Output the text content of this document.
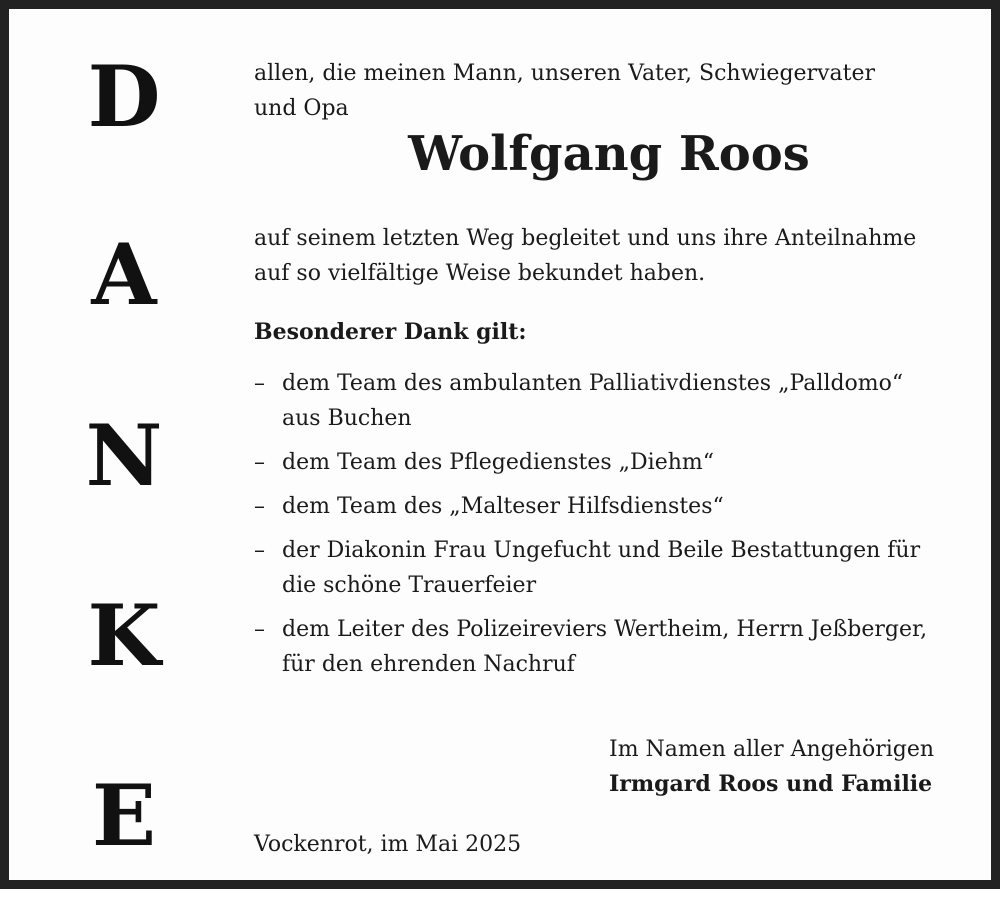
D
A
N
K
E
allen, die meinen Mann, unseren Vater, Schwiegervater
und Opa
Wolfgang Roos
auf seinem letzten Weg begleitet und uns ihre Anteilnahme
auf so vielfältige Weise bekundet haben.
Besonderer Dank gilt:
– dem Team des ambulanten Palliativdienstes „Palldomo“
aus Buchen
– dem Team des Pflegedienstes „Diehm“
– dem Team des „Malteser Hilfsdienstes“
– der Diakonin Frau Ungefucht und Beile Bestattungen für
die schöne Trauerfeier
– dem Leiter des Polizeireviers Wertheim, Herrn Jeßberger,
für den ehrenden Nachruf
Im Namen aller Angehörigen
Irmgard Roos und Familie
Vockenrot, im Mai 2025
